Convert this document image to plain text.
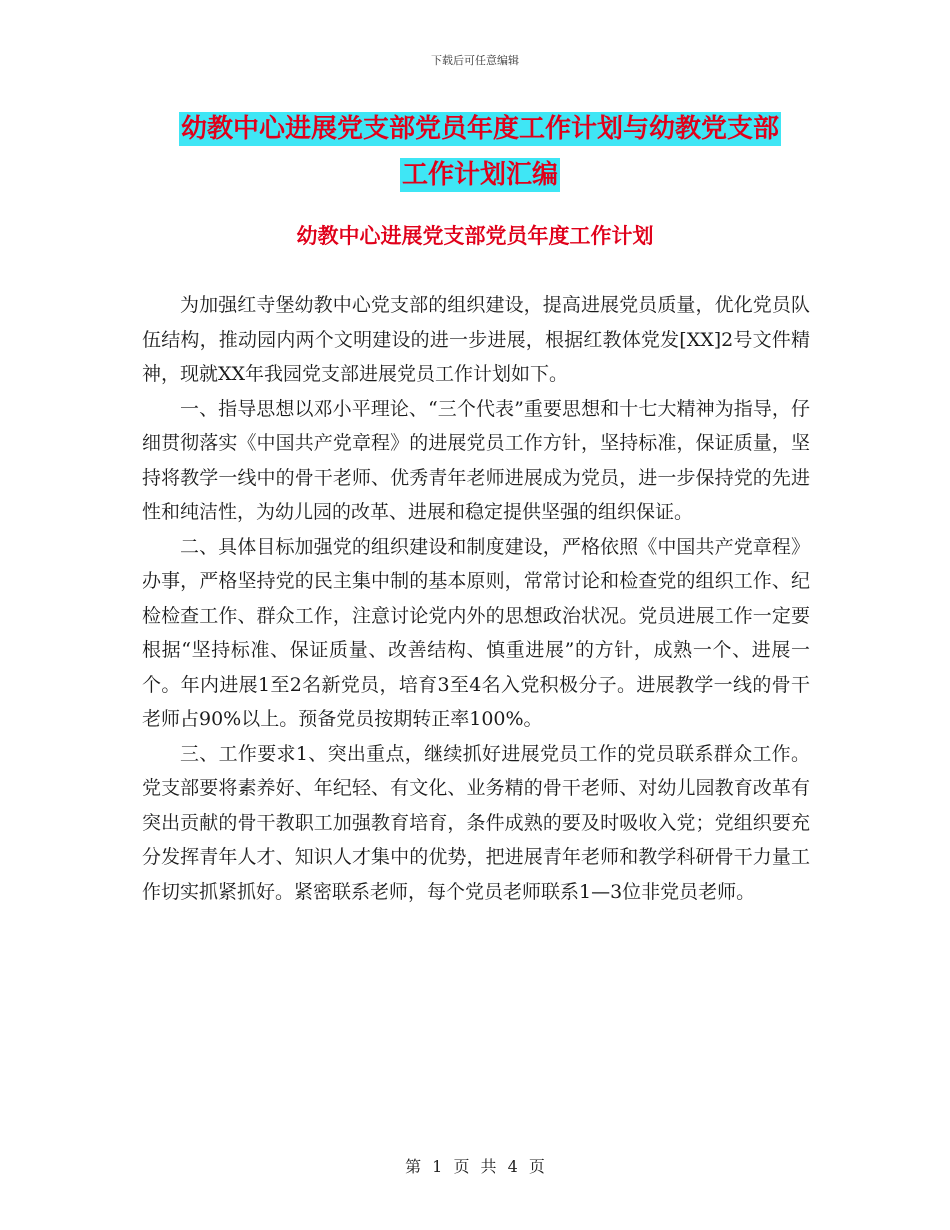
下载后可任意编辑
幼教中心进展党支部党员年度工作计划与幼教党支部
工作计划汇编
幼教中心进展党支部党员年度工作计划

为加强红寺堡幼教中心党支部的组织建设，提高进展党员质量，优化党员队伍结构，推动园内两个文明建设的进一步进展，根据红教体党发[XX]2号文件精神，现就XX年我园党支部进展党员工作计划如下。

一、指导思想以邓小平理论、“三个代表”重要思想和十七大精神为指导，仔细贯彻落实《中国共产党章程》的进展党员工作方针，坚持标准，保证质量，坚持将教学一线中的骨干老师、优秀青年老师进展成为党员，进一步保持党的先进性和纯洁性，为幼儿园的改革、进展和稳定提供坚强的组织保证。

二、具体目标加强党的组织建设和制度建设，严格依照《中国共产党章程》办事，严格坚持党的民主集中制的基本原则，常常讨论和检查党的组织工作、纪检检查工作、群众工作，注意讨论党内外的思想政治状况。党员进展工作一定要根据“坚持标准、保证质量、改善结构、慎重进展”的方针，成熟一个、进展一个。年内进展1至2名新党员，培育3至4名入党积极分子。进展教学一线的骨干老师占90%以上。预备党员按期转正率100%。

三、工作要求1、突出重点，继续抓好进展党员工作的党员联系群众工作。党支部要将素养好、年纪轻、有文化、业务精的骨干老师、对幼儿园教育改革有突出贡献的骨干教职工加强教育培育，条件成熟的要及时吸收入党；党组织要充分发挥青年人才、知识人才集中的优势，把进展青年老师和教学科研骨干力量工作切实抓紧抓好。紧密联系老师，每个党员老师联系1—3位非党员老师。

第 1 页 共 4 页
